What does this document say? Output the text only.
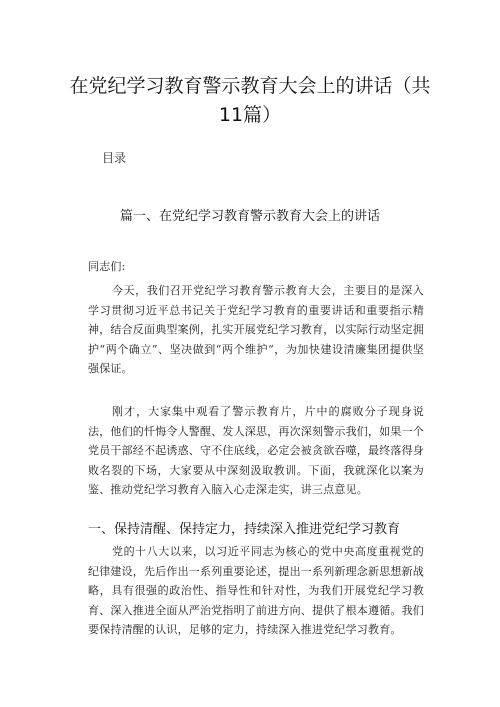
在党纪学习教育警示教育大会上的讲话（共
11篇）
目录
篇一、在党纪学习教育警示教育大会上的讲话
同志们:
今天，我们召开党纪学习教育警示教育大会，主要目的是深入学习贯彻习近平总书记关于党纪学习教育的重要讲话和重要指示精神，结合反面典型案例，扎实开展党纪学习教育，以实际行动坚定拥护“两个确立”、坚决做到“两个维护“，为加快建设清廉集团提供坚强保证。
刚才，大家集中观看了警示教育片，片中的腐败分子现身说法，他们的忏悔令人警醒、发人深思，再次深刻警示我们，如果一个党员干部经不起诱惑、守不住底线，必定会被贪欲吞噬，最终落得身败名裂的下场，大家要从中深刻汲取教训。下面，我就深化以案为鉴、推动党纪学习教育入脑入心走深走实，讲三点意见。
一、保持清醒、保持定力，持续深入推进党纪学习教育
党的十八大以来，以习近平同志为核心的党中央高度重视党的纪律建设，先后作出一系列重要论述，提出一系列新理念新思想新战略，具有很强的政治性、指导性和针对性，为我们开展党纪学习教育、深入推进全面从严治党指明了前进方向、提供了根本遵循。我们要保持清醒的认识，足够的定力，持续深入推进党纪学习教育。
